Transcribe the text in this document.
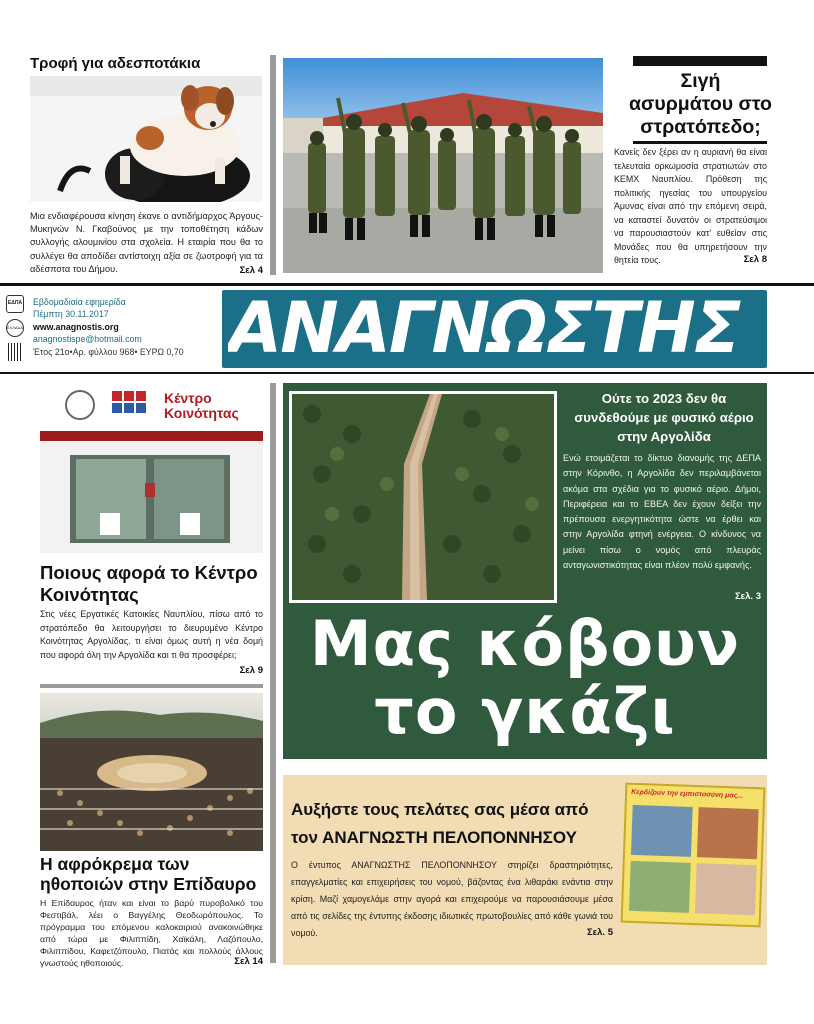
Τροφή για αδεσποτάκια
Μια ενδιαφέρουσα κίνηση έκανε ο αντιδήμαρχος Άργους-Μυκηνών Ν. Γκαβούνος με την τοποθέτηση κάδων συλλογής αλουμινίου στα σχολεία. Η εταιρία που θα το συλλέγει θα αποδίδει αντίστοιχη αξία σε ζωοτροφή για τα αδέσποτα του Δήμου.	Σελ 4
Σιγή ασυρμάτου στο στρατόπεδο;
Κανείς δεν ξέρει αν η αυριανή θα είναι τελευταία ορκωμοσία στρατιωτών στο ΚΕΜΧ Ναυπλίου. Πρόθεση της πολιτικής ηγεσίας του υπουργείου Άμυνας είναι από την επόμενη σειρά, να καταστεί δυνατόν οι στρατεύσιμοι να παρουσιαστούν κατ' ευθείαν στις Μονάδες που θα υπηρετήσουν την θητεία τους.	Σελ 8
ΕΔΠΑ
ΕΛΛΑΔΑ
Εβδομαδιαία εφημερίδα
Πέμπτη 30.11.2017
www.anagnostis.org
anagnostispe@hotmail.com
Έτος 21ο•Αρ. φύλλου 968• ΕΥΡΩ 0,70 ΑΝΑΓΝΩΣΤΗΣ	ΠΕΛΟΠΟΝΝΗΣΟΥ
Κέντρο Κοινότητας
Ποιους αφορά το Κέντρο Κοινότητας
Στις νέες Εργατικές Κατοικίες Ναυπλίου, πίσω από το στρατόπεδο θα λειτουργήσει το διευρυμένο Κέντρο Κοινότητας Αργολίδας. τι είναι όμως αυτή η νέα δομή που αφορά όλη την Αργολίδα και τι θα προσφέρει;
Σελ 9
Η αφρόκρεμα των ηθοποιών στην Επίδαυρο
Η Επίδαυρος ήταν και είναι το βαρύ πυροβολικό του Φεστιβάλ, λέει ο Βαγγέλης Θεοδωρόπουλος. Το πρόγραμμα του επόμενου καλοκαιριού ανακοινώθηκε από τώρα με Φιλιππίδη, Χαϊκάλη, Λαζόπουλο, Φιλιππίδου, Καφετζόπουλο, Πιατάς και πολλούς άλλους γνωστούς ηθοποιούς.	Σελ 14
Ούτε το 2023 δεν θα συνδεθούμε με φυσικό αέριο στην Αργολίδα
Ενώ ετοιμάζεται το δίκτυο διανομής της ΔΕΠΑ στην Κόρινθο, η Αργολίδα δεν περιλαμβάνεται ακόμα στα σχέδια για το φυσικό αέριο. Δήμοι, Περιφέρεια και το ΕΒΕΑ δεν έχουν δείξει την πρέπουσα ενεργητικότητα ώστε να έρθει και στην Αργολίδα φτηνή ενέργεια. Ο κίνδυνος να μείνει πίσω ο νομός από πλευράς ανταγωνιστικότητας είναι πλέον πολύ εμφανής.
Σελ. 3
Μας κόβουν
το γκάζι
Αυξήστε τους πελάτες σας μέσα από
τον ΑΝΑΓΝΩΣΤΗ ΠΕΛΟΠΟΝΝΗΣΟΥ
Ο έντυπος ΑΝΑΓΝΩΣΤΗΣ ΠΕΛΟΠΟΝΝΗΣΟΥ στηρίζει δραστηριότητες, επαγγελματίες και επιχειρήσεις του νομού, βάζοντας ένα λιθαράκι ενάντια στην κρίση. Μαζί χαμογελάμε στην αγορά και επιχειρούμε να παρουσιάσουμε μέσα από τις σελίδες της έντυπης έκδοσης ιδιωτικές πρωτοβουλίες από κάθε γωνιά του νομού.	Σελ. 5
Κερδίζουν την εμπιστοσύνη μας...
